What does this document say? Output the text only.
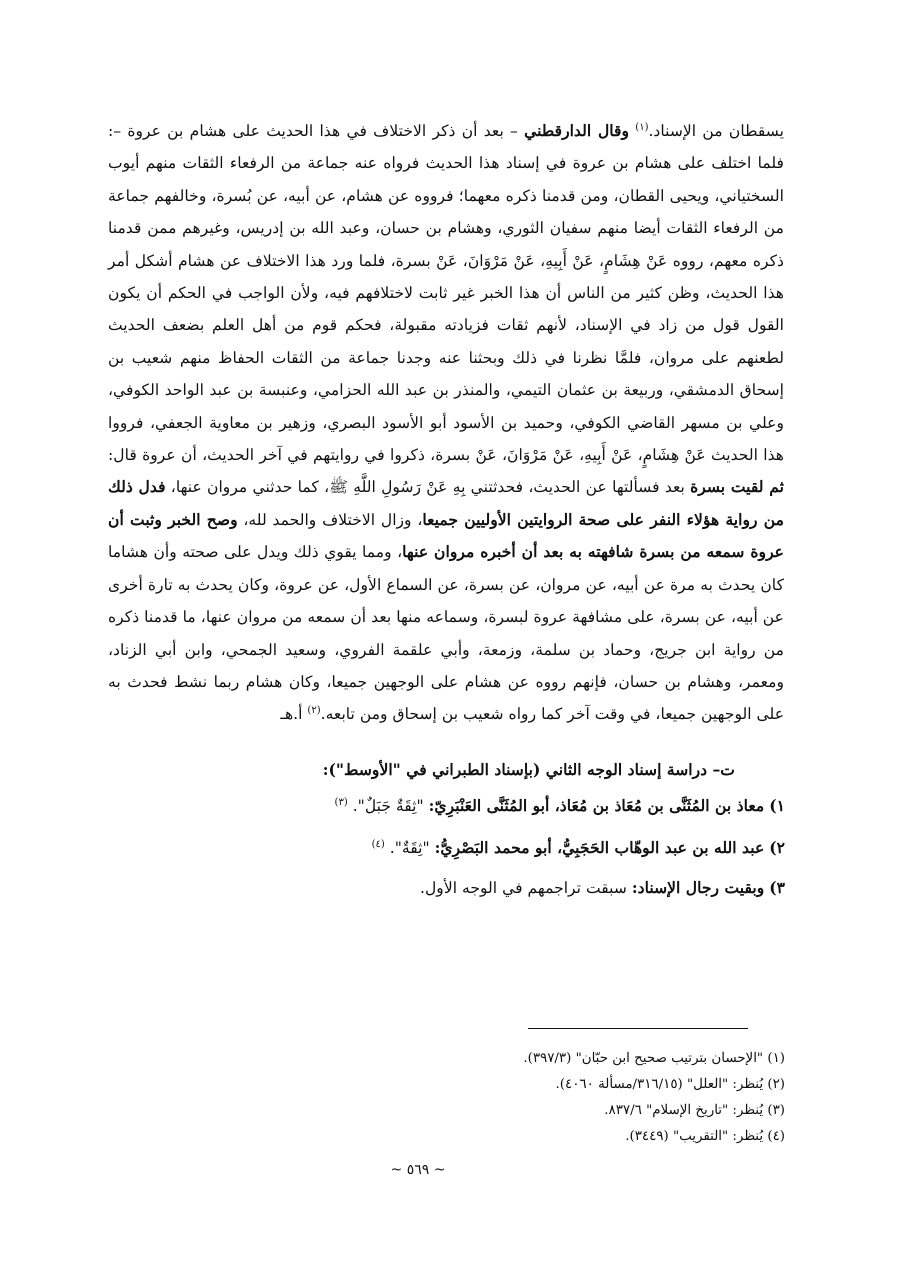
يسقطان من الإسناد.$^{(١)}$ وقال الدارقطني – بعد أن ذكر الاختلاف في هذا الحديث على هشام بن عروة –: فلما اختلف على هشام بن عروة في إسناد هذا الحديث فرواه عنه جماعة من الرفعاء الثقات منهم أيوب السختياني، ويحيى القطان، ومن قدمنا ذكره معهما؛ فرووه عن هشام، عن أبيه، عن بُسرة، وخالفهم جماعة من الرفعاء الثقات أيضا منهم سفيان الثوري، وهشام بن حسان، وعبد الله بن إدريس، وغيرهم ممن قدمنا ذكره معهم، رووه عَنْ هِشَامٍ، عَنْ أَبِيهِ، عَنْ مَرْوَانَ، عَنْ بسرة، فلما ورد هذا الاختلاف عن هشام أشكل أمر هذا الحديث، وظن كثير من الناس أن هذا الخبر غير ثابت لاختلافهم فيه، ولأن الواجب في الحكم أن يكون القول قول من زاد في الإسناد، لأنهم ثقات فزيادته مقبولة، فحكم قوم من أهل العلم بضعف الحديث لطعنهم على مروان، فلمَّا نظرنا في ذلك وبحثنا عنه وجدنا جماعة من الثقات الحفاظ منهم شعيب بن إسحاق الدمشقي، وربيعة بن عثمان التيمي، والمنذر بن عبد الله الحزامي، وعنبسة بن عبد الواحد الكوفي، وعلي بن مسهر القاضي الكوفي، وحميد بن الأسود أبو الأسود البصري، وزهير بن معاوية الجعفي، فرووا هذا الحديث عَنْ هِشَامٍ، عَنْ أَبِيهِ، عَنْ مَرْوَانَ، عَنْ بسرة، ذكروا في روايتهم في آخر الحديث، أن عروة قال: ثم لقيت بسرة بعد فسألتها عن الحديث، فحدثتني بِهِ عَنْ رَسُولِ اللَّهِ ﷺ، كما حدثني مروان عنها، فدل ذلك من رواية هؤلاء النفر على صحة الروايتين الأوليين جميعا، وزال الاختلاف والحمد لله، وصح الخبر وثبت أن عروة سمعه من بسرة شافهته به بعد أن أخبره مروان عنها، ومما يقوي ذلك ويدل على صحته وأن هشاما كان يحدث به مرة عن أبيه، عن مروان، عن بسرة، عن السماع الأول، عن عروة، وكان يحدث به تارة أخرى عن أبيه، عن بسرة، على مشافهة عروة لبسرة، وسماعه منها بعد أن سمعه من مروان عنها، ما قدمنا ذكره من رواية ابن جريج، وحماد بن سلمة، وزمعة، وأبي علقمة الفروي، وسعيد الجمحي، وابن أبي الزناد، ومعمر، وهشام بن حسان، فإنهم رووه عن هشام على الوجهين جميعا، وكان هشام ربما نشط فحدث به على الوجهين جميعا، في وقت آخر كما رواه شعيب بن إسحاق ومن تابعه.$^{(٢)}$ أ.هـ

ت– دراسة إسناد الوجه الثاني (بإسناد الطبراني في "الأوسط"):
١) معاذ بن المُثَنَّى بن مُعَاذ بن مُعَاذ، أبو المُثَنَّى العَنْبَرِيّ: "ثِقَةٌ جَبَلٌ". $^{(٣)}$
٢) عبد الله بن عبد الوهّاب الحَجَبِيُّ، أبو محمد البَصْرِيُّ: "ثِقَةٌ". $^{(٤)}$
٣) وبقيت رجال الإسناد: سبقت تراجمهم في الوجه الأول.
(١) "الإحسان بترتيب صحيح ابن حبّان" (٣٩٧/٣).
(٢) يُنظر: "العلل" (٣١٦/١٥/مسألة ٤٠٦٠).
(٣) يُنظر: "تاريخ الإسلام" ٨٣٧/٦.
(٤) يُنظر: "التقريب" (٣٤٤٩).
~ ٥٦٩ ~
